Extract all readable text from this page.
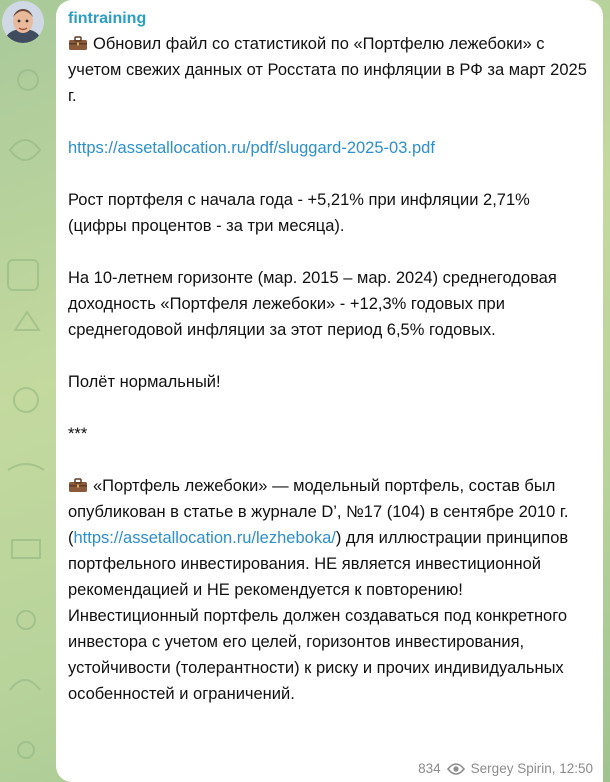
fintraining
Обновил файл со статистикой по «Портфелю лежебоки» с учетом свежих данных от Росстата по инфляции в РФ за март 2025 г.
https://assetallocation.ru/pdf/sluggard-2025-03.pdf
Рост портфеля с начала года - +5,21% при инфляции 2,71% (цифры процентов - за три месяца).
На 10-летнем горизонте (мар. 2015 – мар. 2024) среднегодовая доходность «Портфеля лежебоки» - +12,3% годовых при среднегодовой инфляции за этот период 6,5% годовых.
Полёт нормальный!
***
«Портфель лежебоки» — модельный портфель, состав был опубликован в статье в журнале D’, №17 (104) в сентябре 2010 г. (https://assetallocation.ru/lezheboka/) для иллюстрации принципов портфельного инвестирования. НЕ является инвестиционной рекомендацией и НЕ рекомендуется к повторению! Инвестиционный портфель должен создаваться под конкретного инвестора с учетом его целей, горизонтов инвестирования, устойчивости (толерантности) к риску и прочих индивидуальных особенностей и ограничений.
834 Sergey Spirin, 12:50
